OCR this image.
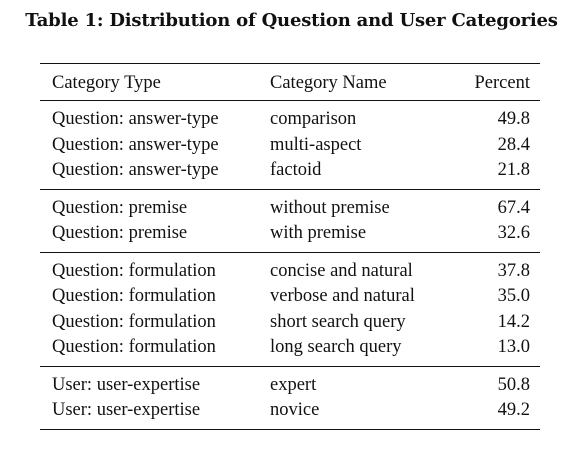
Table 1: Distribution of Question and User Categories
Category Type	Category Name	Percent
Question: answer-type	comparison	49.8
Question: answer-type	multi-aspect	28.4
Question: answer-type	factoid	21.8
Question: premise	without premise	67.4
Question: premise	with premise	32.6
Question: formulation	concise and natural	37.8
Question: formulation	verbose and natural	35.0
Question: formulation	short search query	14.2
Question: formulation	long search query	13.0
User: user-expertise	expert	50.8
User: user-expertise	novice	49.2
